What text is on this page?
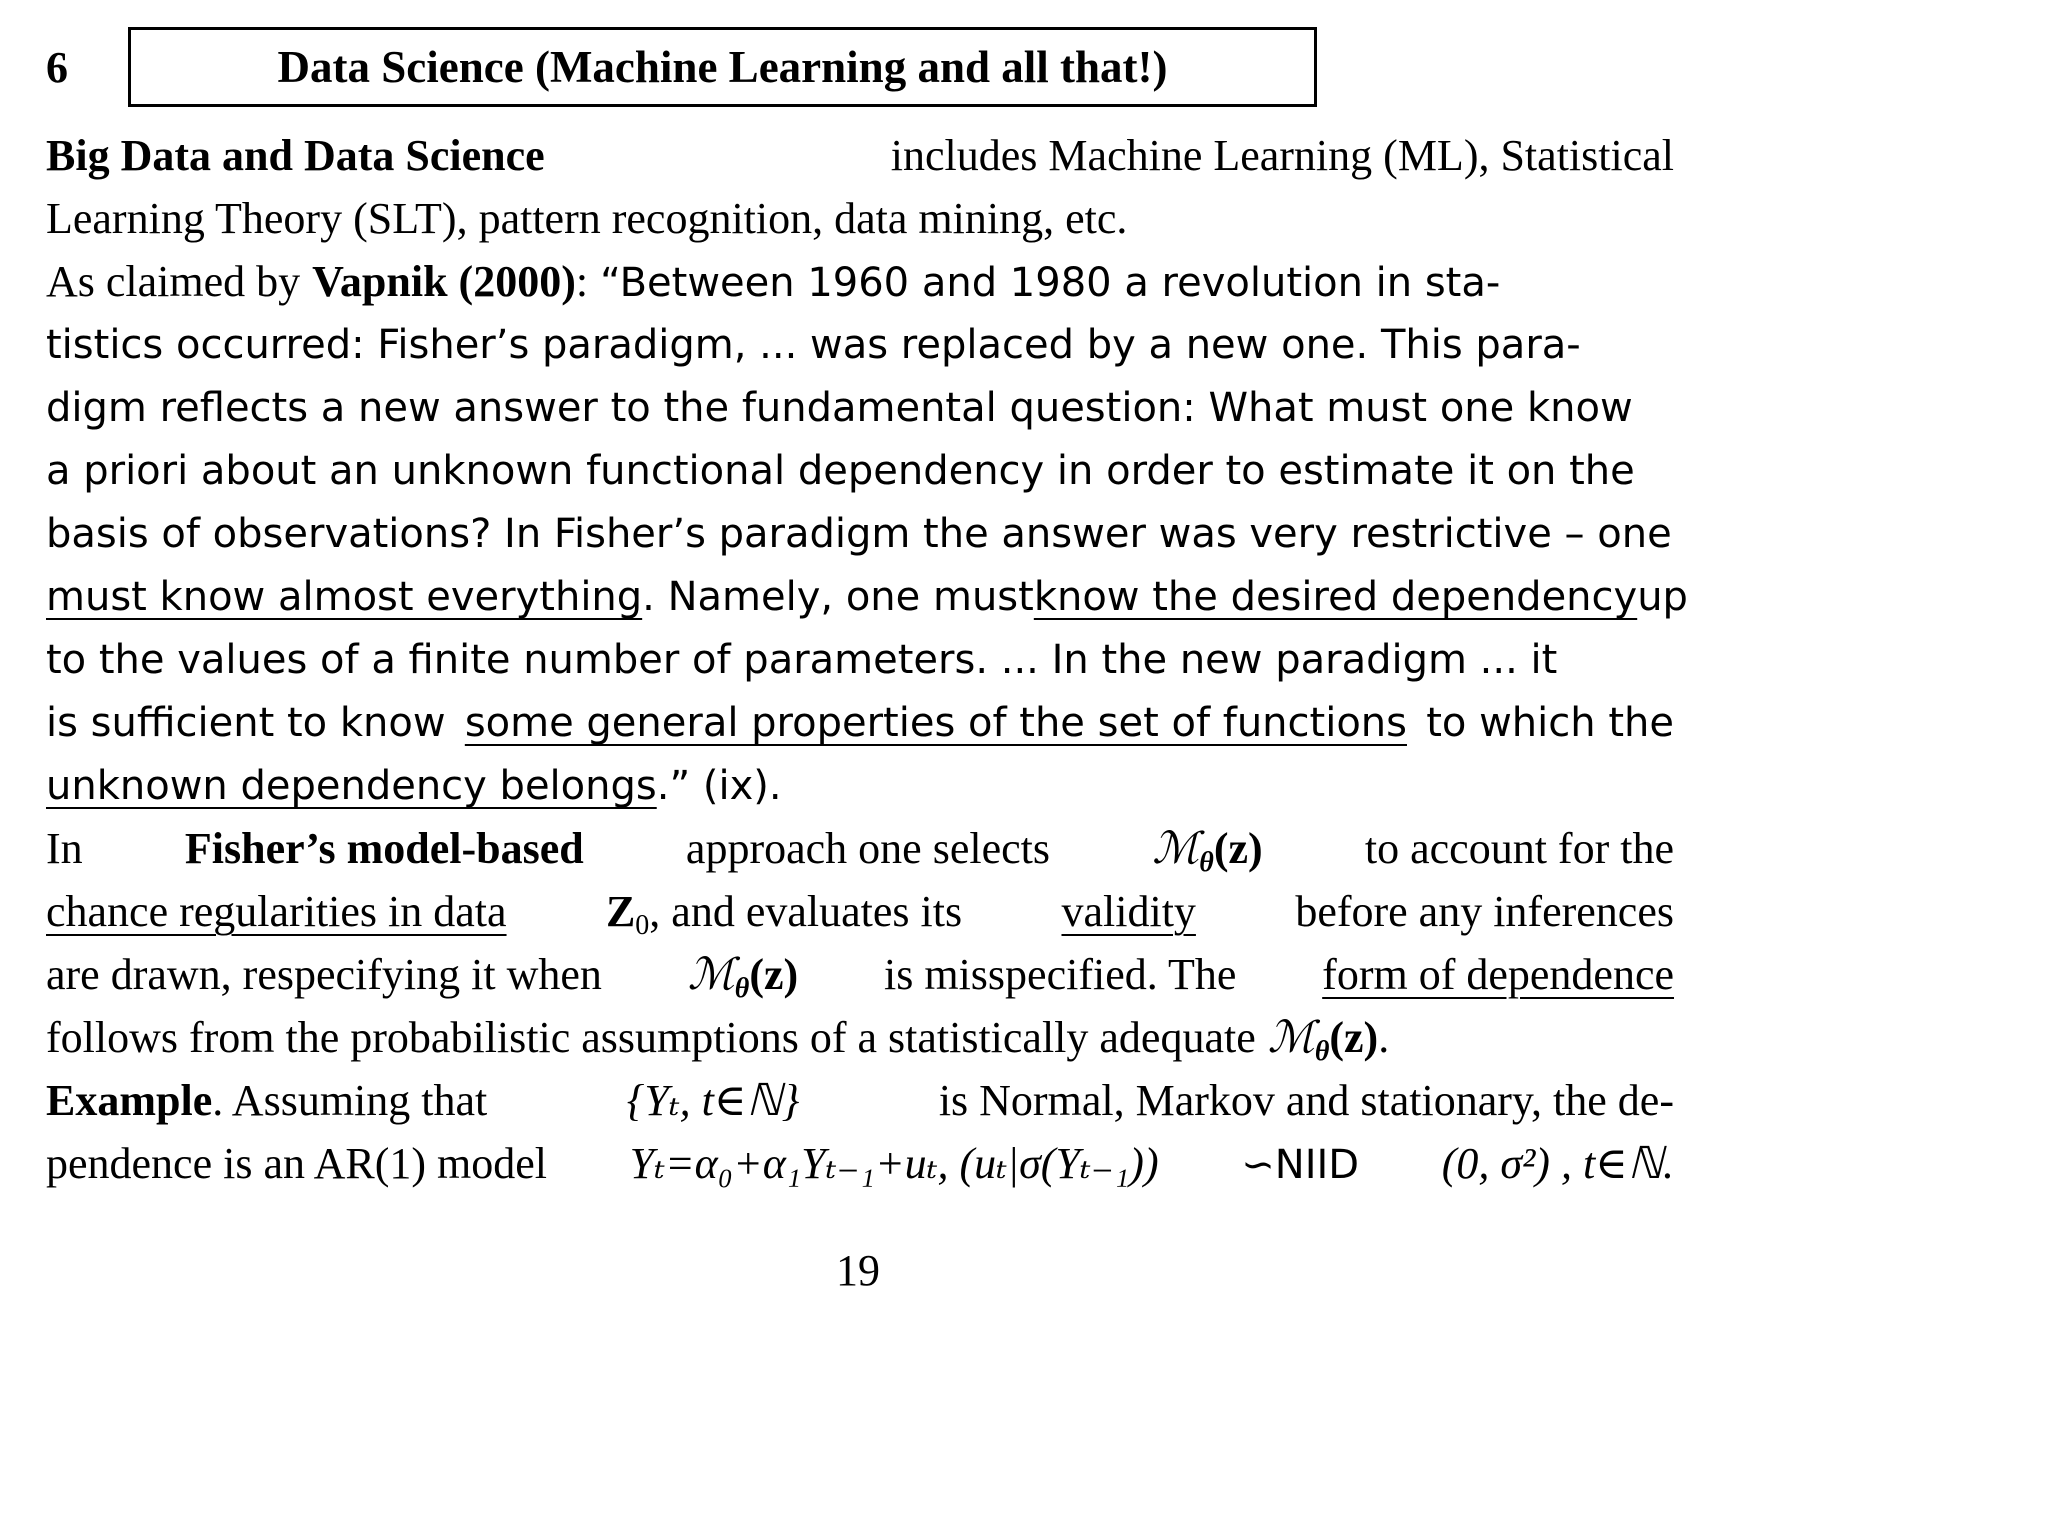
6	Data Science (Machine Learning and all that!)
Big Data and Data Science	includes Machine Learning (ML), Statistical
Learning Theory (SLT), pattern recognition, data mining, etc.
As claimed by Vapnik (2000) : “Between 1960 and 1980 a revolution in sta-
tistics occurred: Fisher’s paradigm, ... was replaced by a new one. This para-
digm reflects a new answer to the fundamental question: What must one know
a priori about an unknown functional dependency in order to estimate it on the
basis of observations? In Fisher’s paradigm the answer was very restrictive – one
must know almost everything . Namely, one must know the desired dependency up
to the values of a finite number of parameters. ... In the new paradigm ... it
is sufficient to know some general properties of the set of functions to which the
unknown dependency belongs .” (ix).
In Fisher’s model-based approach one selects ℳ$_\theta$(z) to account for the
chance regularities in data $Z_0$, and evaluates its validity before any inferences
are drawn, respecifying it when ℳ$_\theta$(z) is misspecified. The form of dependence
follows from the probabilistic assumptions of a statistically adequate ℳ$_\theta$(z) .
Example. Assuming that	{Yₜ, t∈ℕ}	is Normal, Markov and stationary, the de-
pendence is an AR(1) model Yₜ=α₀+α₁Yₜ₋₁+uₜ, (uₜ|σ(Yₜ₋₁)) ∽NIID (0, σ²) , t∈ℕ.
19
